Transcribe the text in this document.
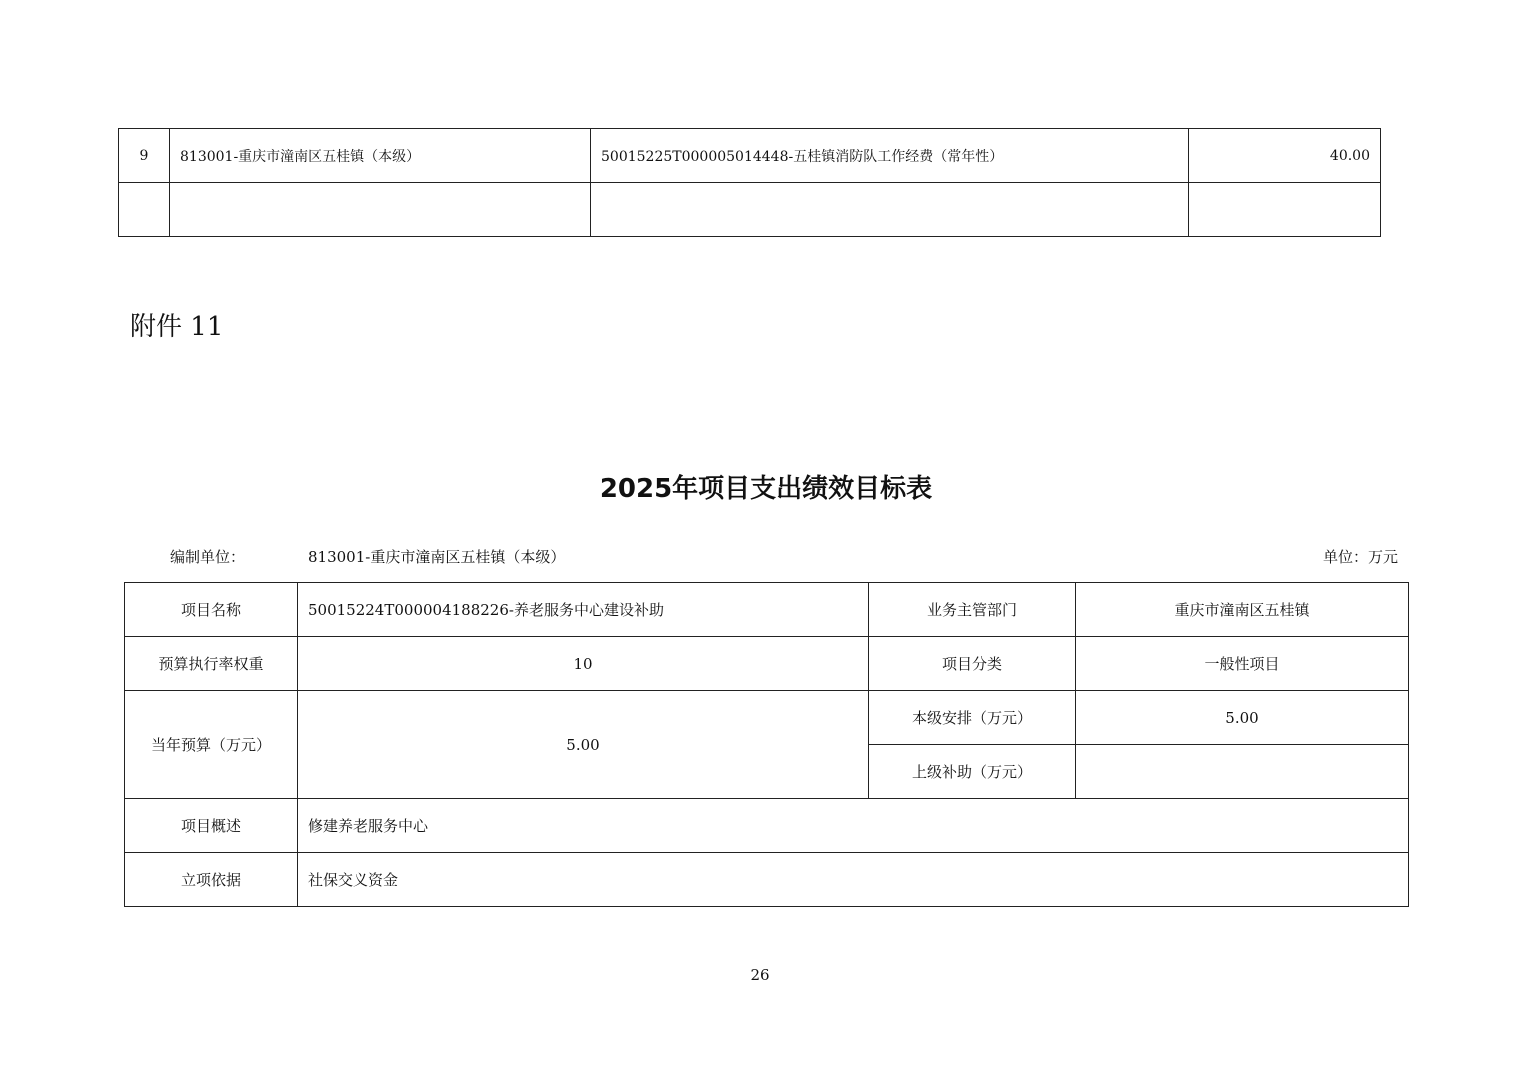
9	813001-重庆市潼南区五桂镇（本级）	50015225T000005014448-五桂镇消防队工作经费（常年性）	40.00

附件 11
2025年项目支出绩效目标表
编制单位：	813001-重庆市潼南区五桂镇（本级）	单位：万元
项目名称	50015224T000004188226-养老服务中心建设补助	业务主管部门	重庆市潼南区五桂镇
预算执行率权重	10	项目分类	一般性项目
当年预算（万元）	5.00	本级安排（万元）	5.00
		上级补助（万元）	
项目概述	修建养老服务中心		
立项依据	社保交义资金		
26
